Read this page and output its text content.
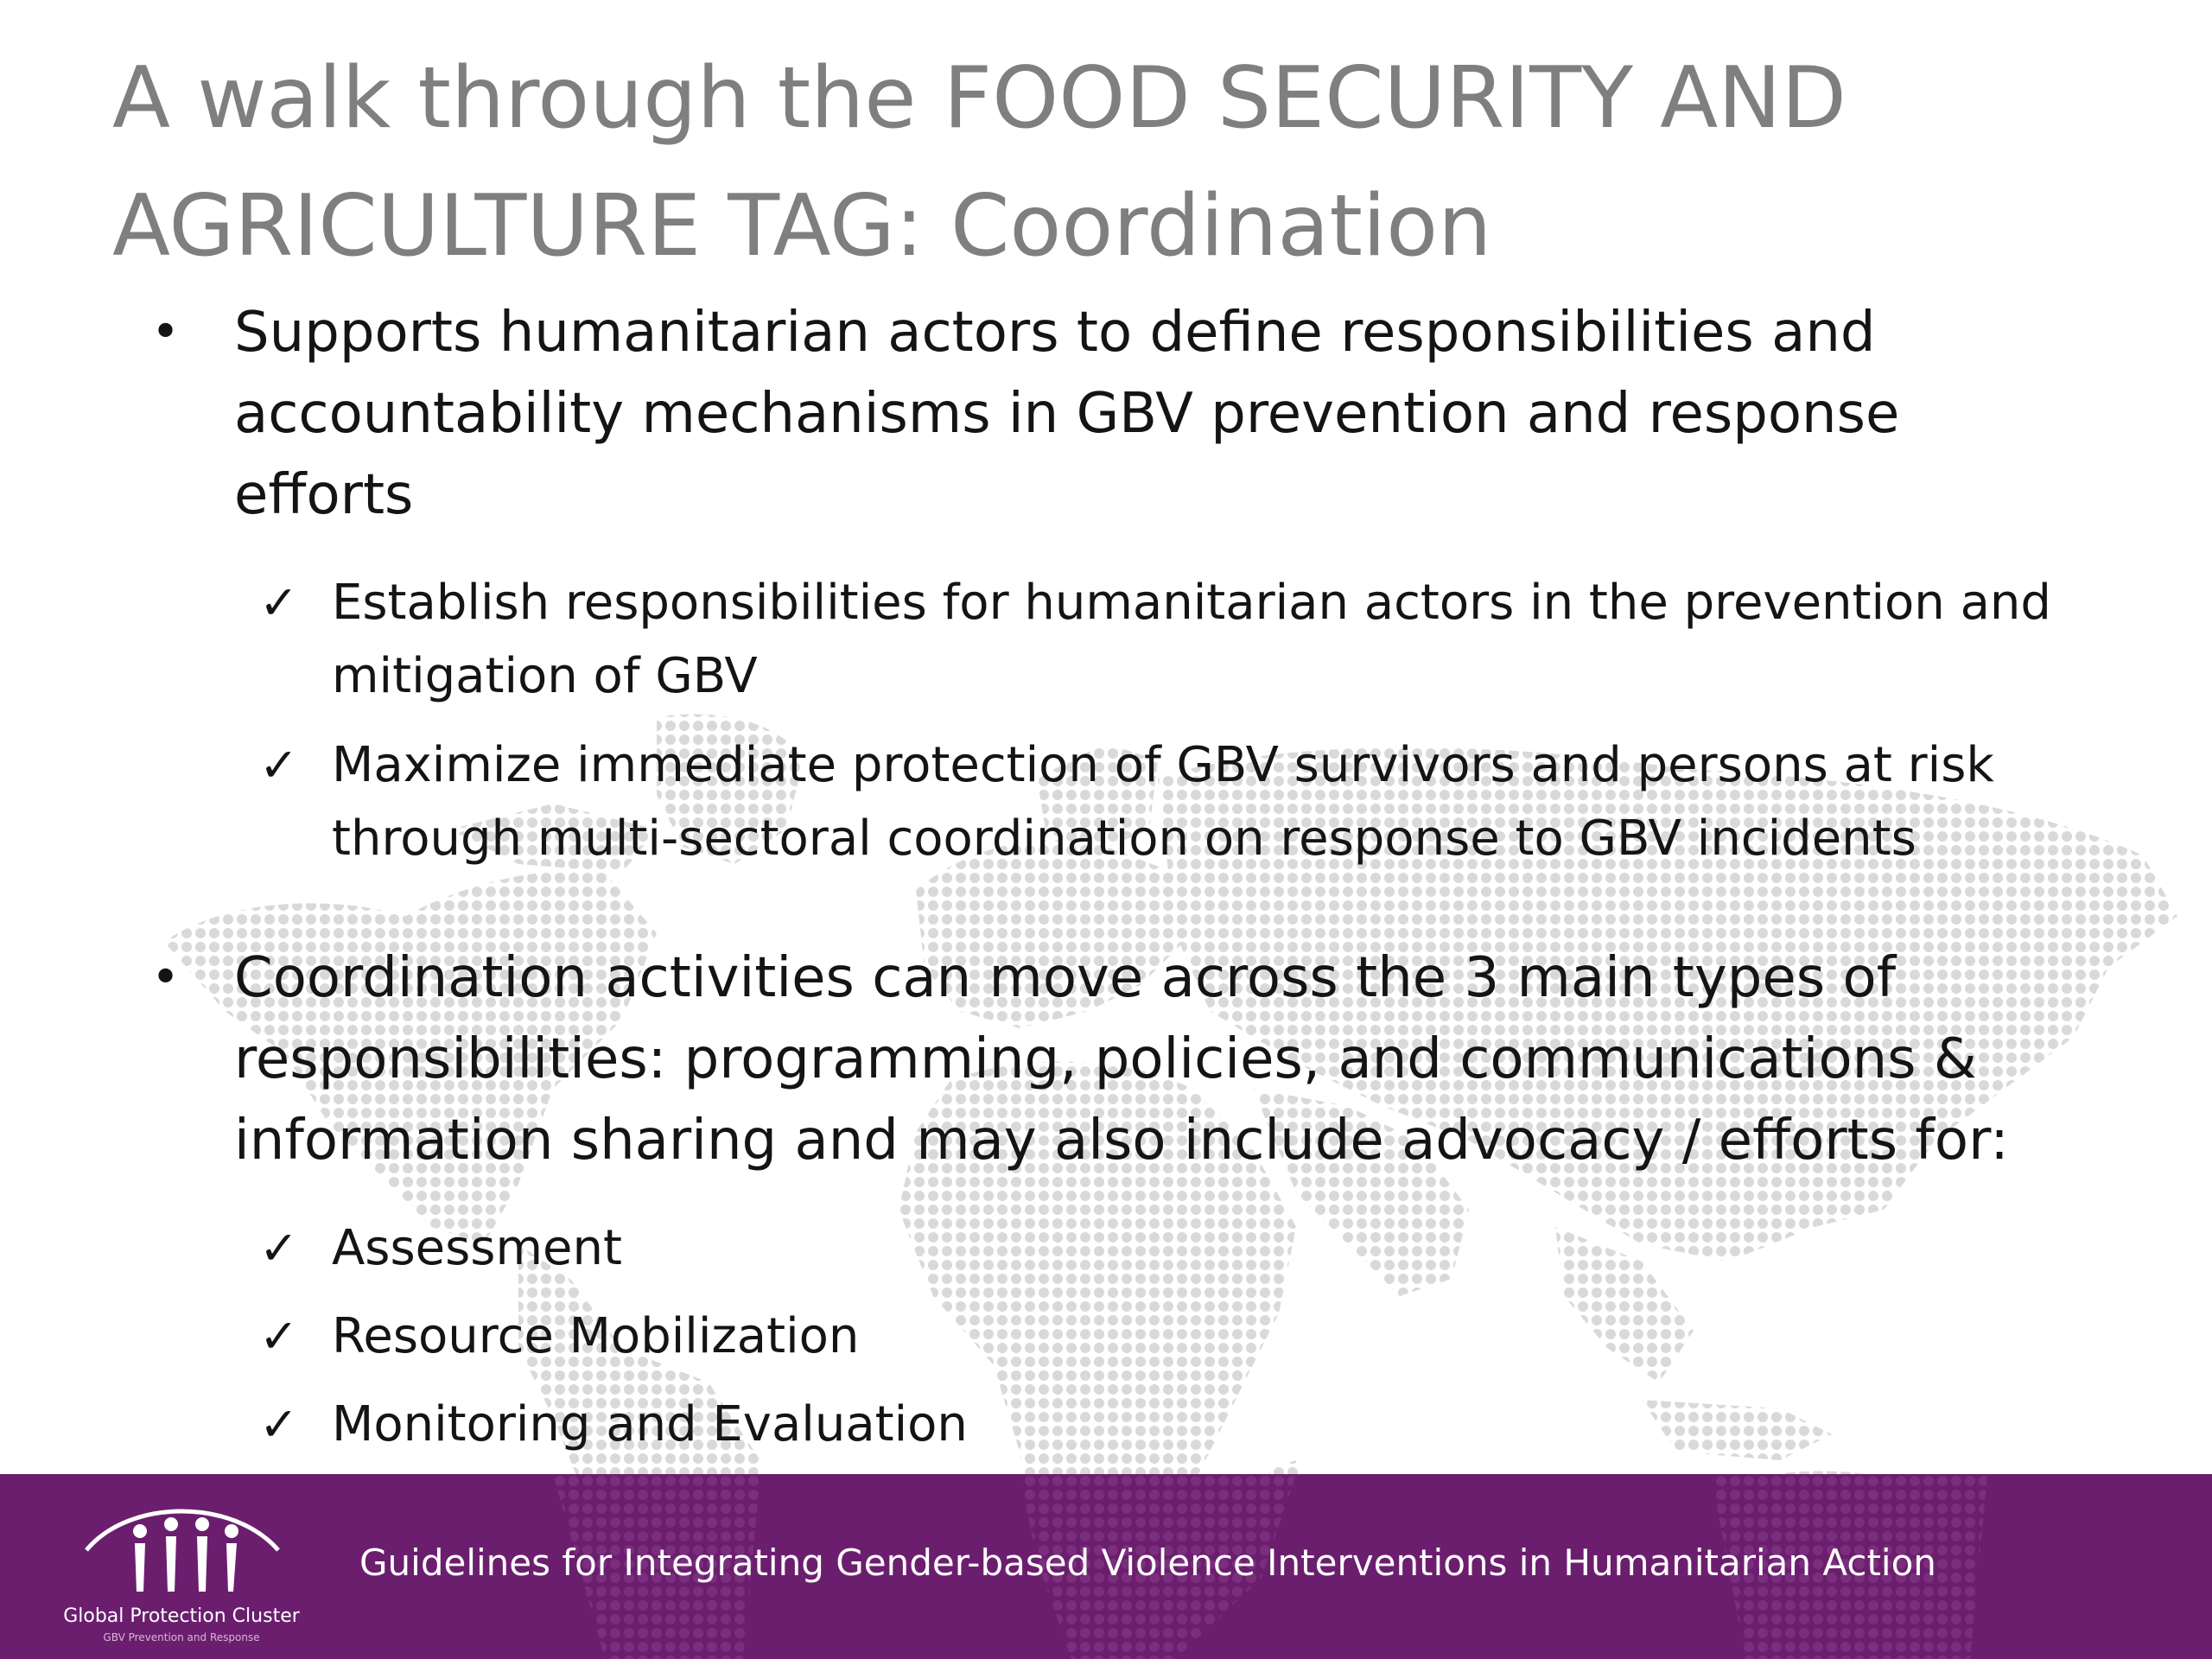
A walk through the FOOD SECURITY AND
AGRICULTURE TAG: Coordination
• Supports humanitarian actors to define responsibilities and accountability mechanisms in GBV prevention and response efforts
✓ Establish responsibilities for humanitarian actors in the prevention and mitigation of GBV
✓ Maximize immediate protection of GBV survivors and persons at risk through multi-sectoral coordination on response to GBV incidents
• Coordination activities can move across the 3 main types of responsibilities: programming, policies, and communications & information sharing and may also include advocacy / efforts for:
✓ Assessment
✓ Resource Mobilization
✓ Monitoring and Evaluation
Global Protection Cluster
GBV Prevention and Response
Guidelines for Integrating Gender-based Violence Interventions in Humanitarian Action
